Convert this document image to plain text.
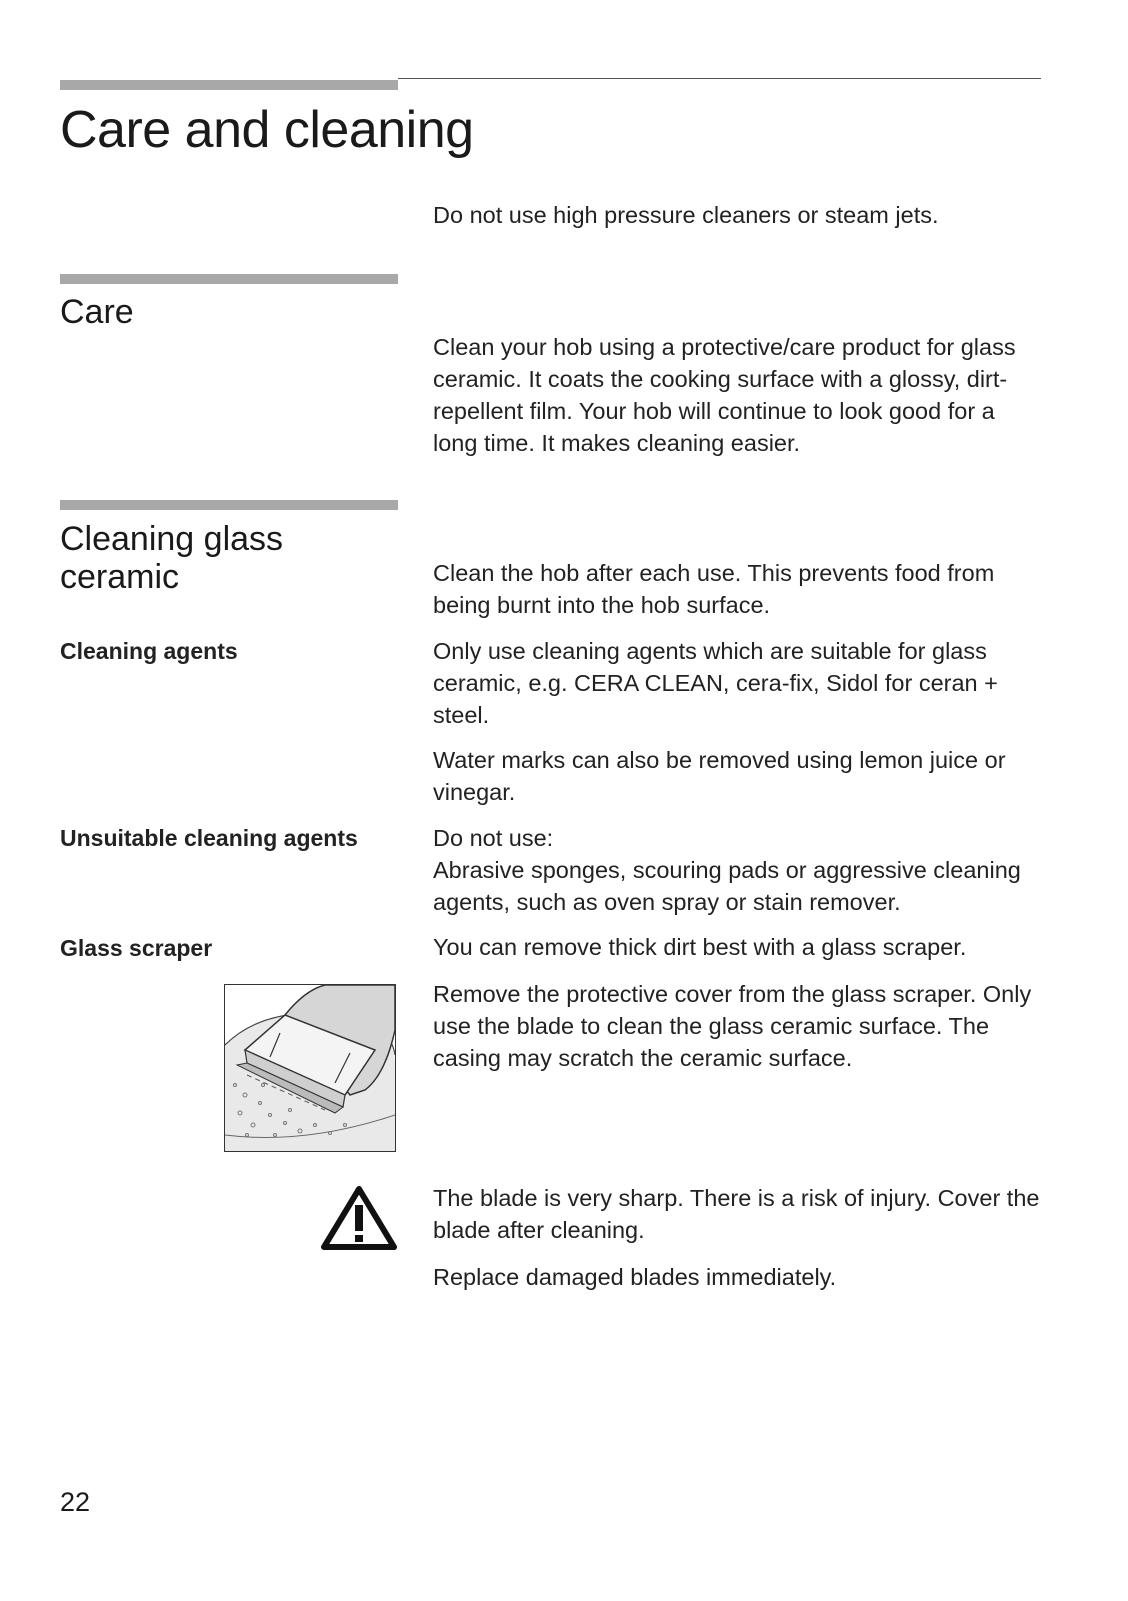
Care and cleaning

Do not use high pressure cleaners or steam jets.

Care

Clean your hob using a protective/care product for glass ceramic. It coats the cooking surface with a glossy, dirt-repellent film. Your hob will continue to look good for a long time. It makes cleaning easier.

Cleaning glass
ceramic	Clean the hob after each use. This prevents food from being burnt into the hob surface.

Cleaning agents	Only use cleaning agents which are suitable for glass ceramic, e.g. CERA CLEAN, cera-fix, Sidol for ceran + steel.

Water marks can also be removed using lemon juice or vinegar.

Unsuitable cleaning agents	Do not use:

Abrasive sponges, scouring pads or aggressive cleaning agents, such as oven spray or stain remover.

Glass scraper	You can remove thick dirt best with a glass scraper.

Remove the protective cover from the glass scraper. Only use the blade to clean the glass ceramic surface. The casing may scratch the ceramic surface.

The blade is very sharp. There is a risk of injury. Cover the blade after cleaning.

Replace damaged blades immediately.

22
